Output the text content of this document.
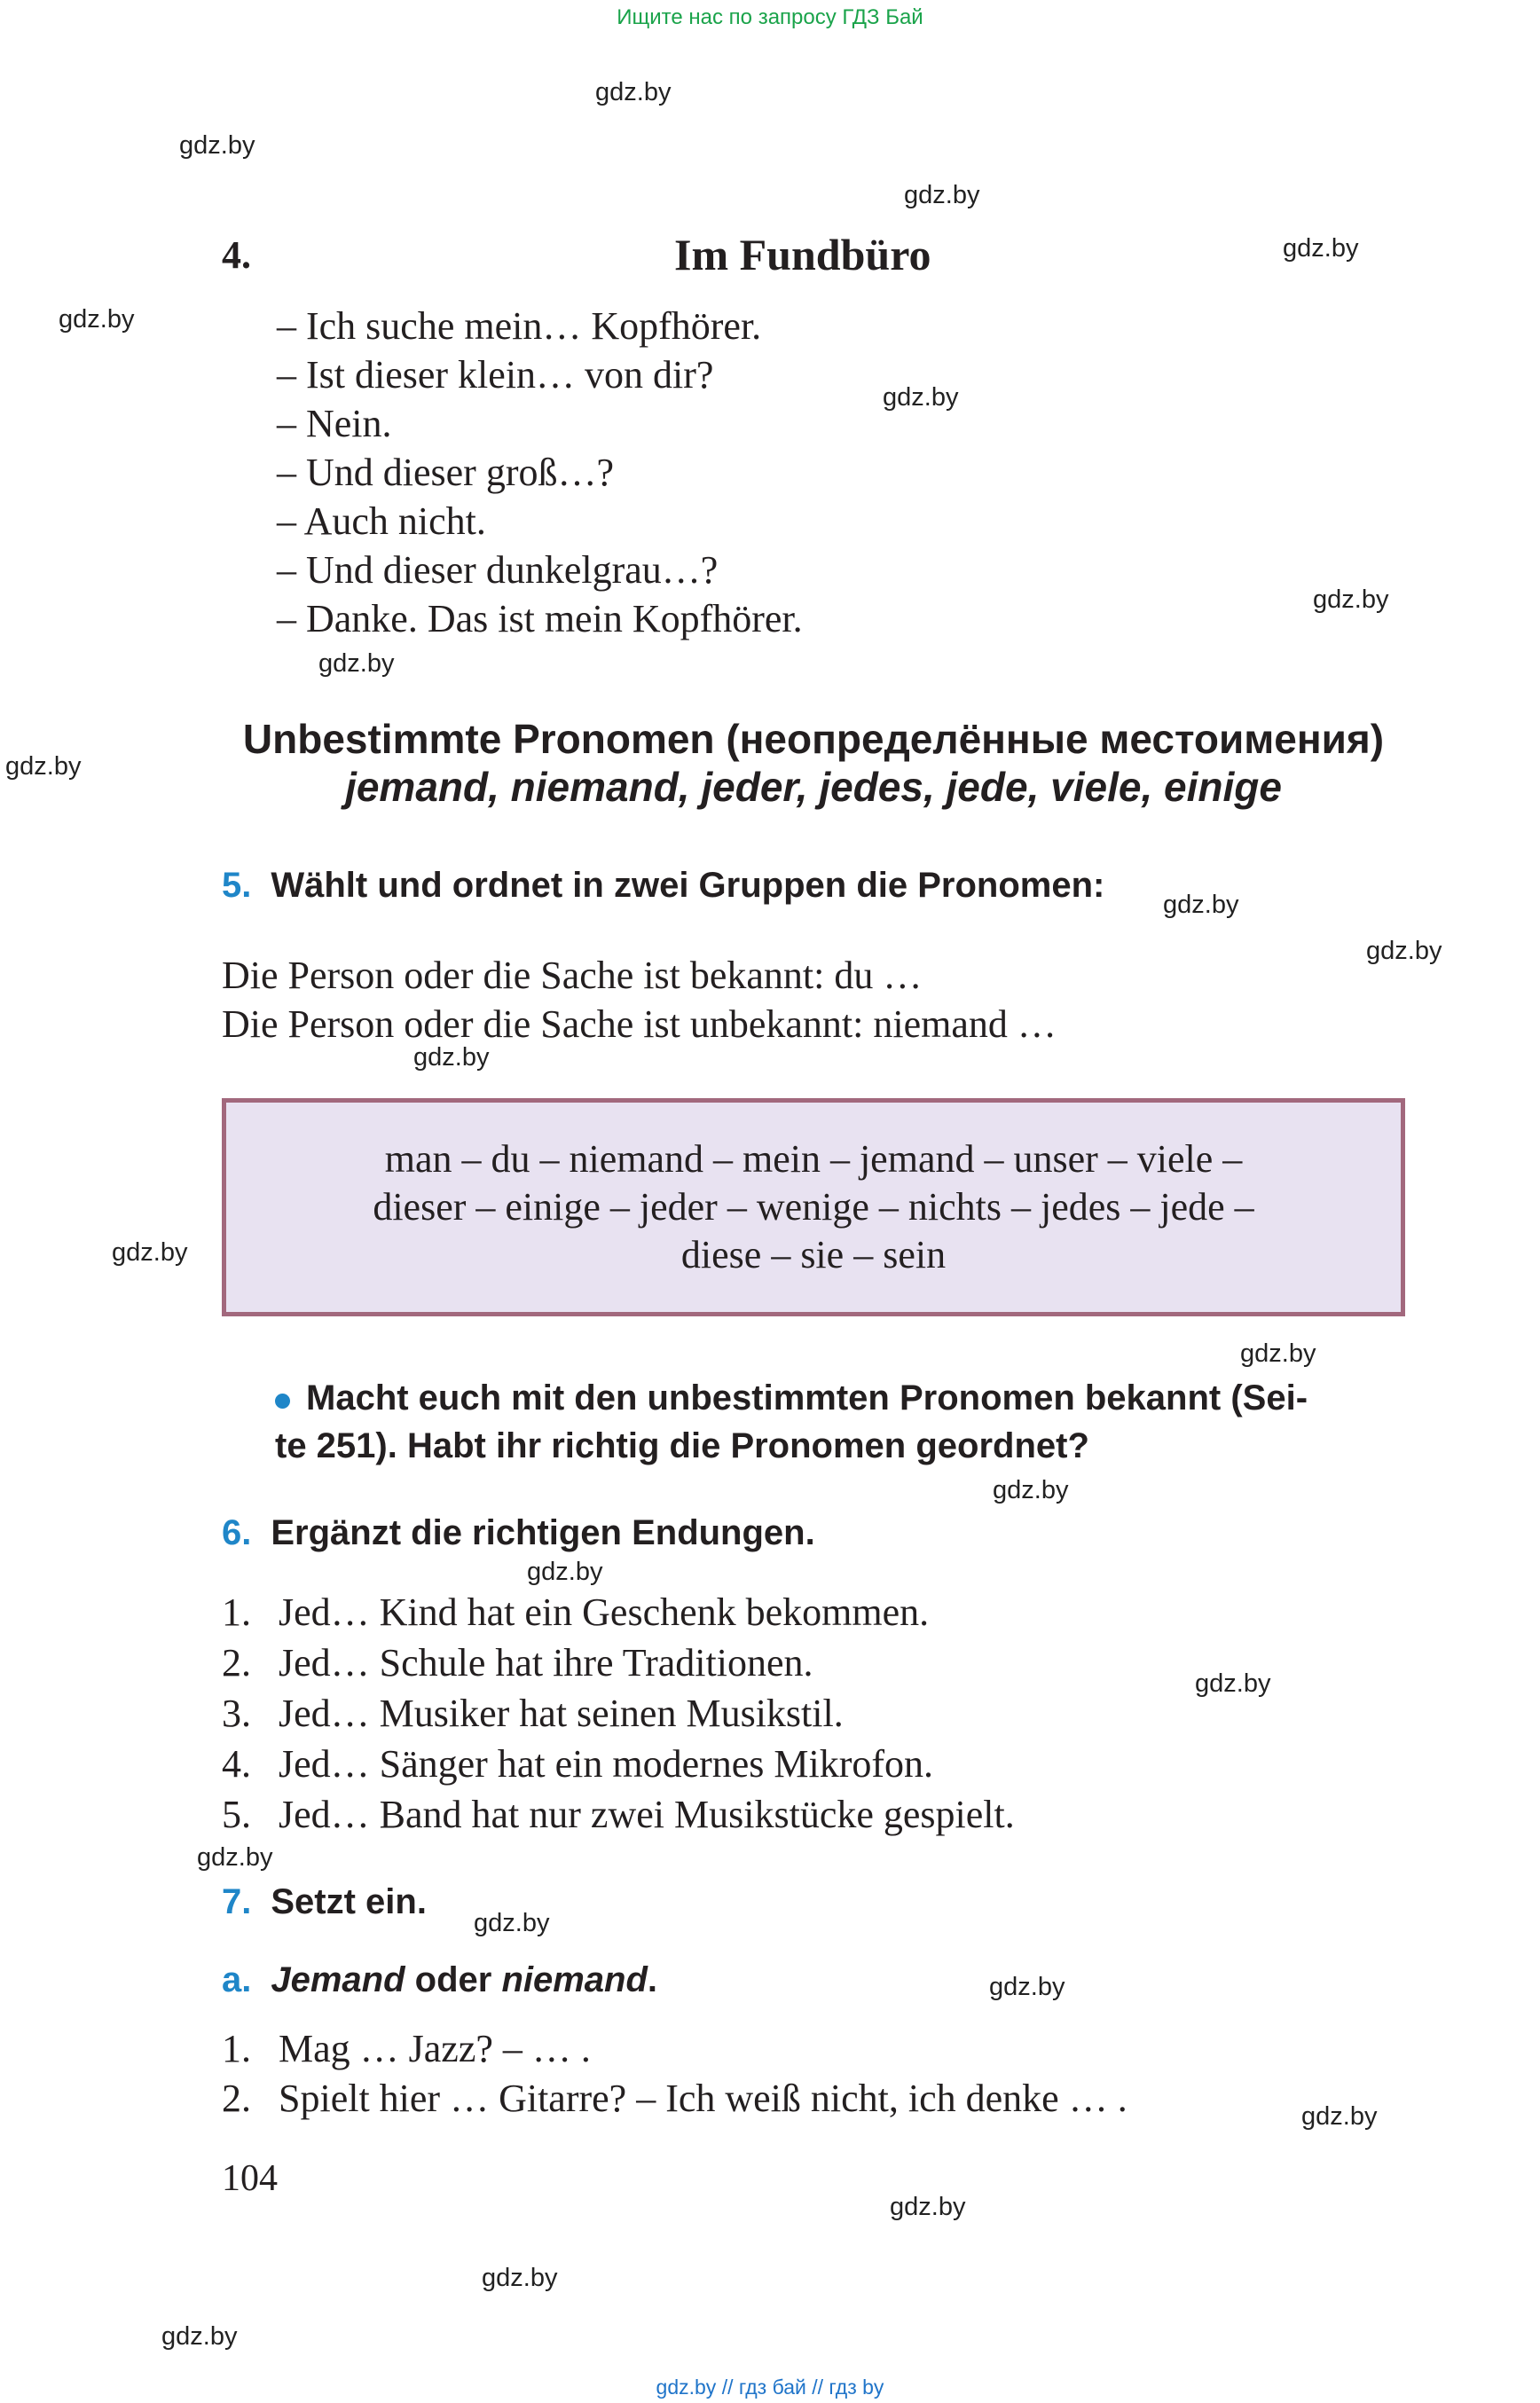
Ищите нас по запросу ГДЗ Бай
gdz.by
gdz.by
gdz.by
gdz.by
gdz.by
gdz.by
gdz.by
gdz.by
gdz.by
gdz.by
gdz.by
gdz.by
gdz.by
gdz.by
gdz.by
gdz.by
gdz.by
gdz.by
gdz.by
gdz.by
gdz.by
gdz.by
gdz.by
gdz.by
4.	Im Fundbüro
– Ich suche mein… Kopfhörer.
– Ist dieser klein… von dir?
– Nein.
– Und dieser groß…?
– Auch nicht.
– Und dieser dunkelgrau…?
– Danke. Das ist mein Kopfhörer.
Unbestimmte Pronomen (неопределённые местоимения)
jemand, niemand, jeder, jedes, jede, viele, einige
5. Wählt und ordnet in zwei Gruppen die Pronomen:
Die Person oder die Sache ist bekannt: du …
Die Person oder die Sache ist unbekannt: niemand …
man – du – niemand – mein – jemand – unser – viele –
dieser – einige – jeder – wenige – nichts – jedes – jede –
diese – sie – sein
Macht euch mit den unbestimmten Pronomen bekannt (Sei-
te 251). Habt ihr richtig die Pronomen geordnet?
6. Ergänzt die richtigen Endungen.
1. Jed… Kind hat ein Geschenk bekommen.
2. Jed… Schule hat ihre Traditionen.
3. Jed… Musiker hat seinen Musikstil.
4. Jed… Sänger hat ein modernes Mikrofon.
5. Jed… Band hat nur zwei Musikstücke gespielt.
7. Setzt ein.
a. Jemand oder niemand.
1. Mag … Jazz? – … .
2. Spielt hier … Gitarre? – Ich weiß nicht, ich denke … .
104
gdz.by // гдз бай // гдз by
